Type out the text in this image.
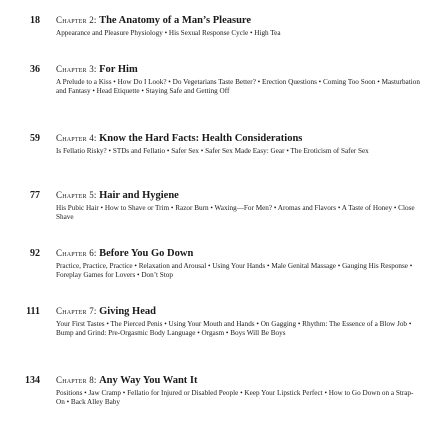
18 Chapter 2: The Anatomy of a Man’s Pleasure
Appearance and Pleasure Physiology • His Sexual Response Cycle • High Tea
36 Chapter 3: For Him
A Prelude to a Kiss • How Do I Look? • Do Vegetarians Taste Better? • Erection Questions • Coming Too Soon • Masturbation and Fantasy • Head Etiquette • Staying Safe and Getting Off
59 Chapter 4: Know the Hard Facts: Health Considerations
Is Fellatio Risky? • STDs and Fellatio • Safer Sex • Safer Sex Made Easy: Gear • The Eroticism of Safer Sex
77 Chapter 5: Hair and Hygiene
His Pubic Hair • How to Shave or Trim • Razor Burn • Waxing—For Men? • Aromas and Flavors • A Taste of Honey • Close Shave
92 Chapter 6: Before You Go Down
Practice, Practice, Practice • Relaxation and Arousal • Using Your Hands • Male Genital Massage • Gauging His Response • Foreplay Games for Lovers • Don’t Stop
111 Chapter 7: Giving Head
Your First Tastes • The Pierced Penis • Using Your Mouth and Hands • On Gagging • Rhythm: The Essence of a Blow Job • Bump and Grind: Pre-Orgasmic Body Language • Orgasm • Boys Will Be Boys
134 Chapter 8: Any Way You Want It
Positions • Jaw Cramp • Fellatio for Injured or Disabled People • Keep Your Lipstick Perfect • How to Go Down on a Strap-On • Back Alley Baby
